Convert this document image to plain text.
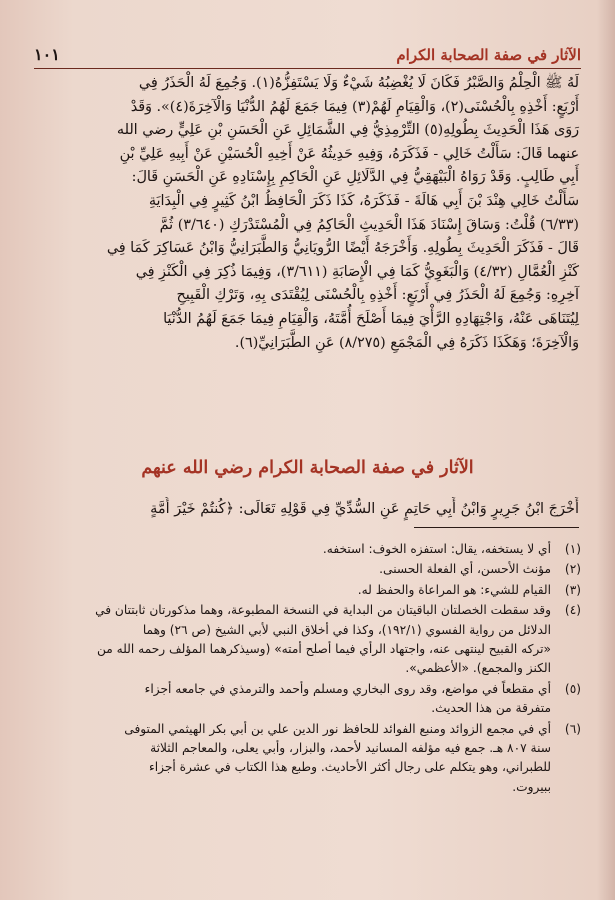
الآثار في صفة الصحابة الكرام
١٠١

لَهُ ﷺ الْحِلْمُ وَالصَّبْرُ فَكَانَ لَا يُغْضِبُهُ شَيْءٌ وَلَا يَسْتَفِزُّهُ(١). وَجُمِعَ لَهُ الْحَذَرُ فِي

أَرْبَعٍ: أَخْذِهِ بِالْحُسْنَى(٢)، وَالْقِيَامِ لَهُمْ(٣) فِيمَا جَمَعَ لَهُمُ الدُّنْيَا وَالْآخِرَةَ(٤)». وَقَدْ

رَوَى هَذَا الْحَدِيثَ بِطُولِهِ(٥) التِّرْمِذِيُّ فِي الشَّمَائِلِ عَنِ الْحَسَنِ بْنِ عَلِيٍّ رضي الله

عنهما قَالَ: سَأَلْتُ خَالِي - فَذَكَرَهُ، وَفِيهِ حَدِيثُهُ عَنْ أَخِيهِ الْحُسَيْنِ عَنْ أَبِيهِ عَلِيِّ بْنِ

أَبِي طَالِبٍ. وَقَدْ رَوَاهُ الْبَيْهَقِيُّ فِي الدَّلَائِلِ عَنِ الْحَاكِمِ بِإِسْنَادِهِ عَنِ الْحَسَنِ قَالَ:

سَأَلْتُ خَالِي هِنْدَ بْنَ أَبِي هَالَةَ - فَذَكَرَهُ، كَذَا ذَكَرَ الْحَافِظُ ابْنُ كَثِيرٍ فِي الْبِدَايَةِ

(٦/٣٣) قُلْتُ: وَسَاقَ إِسْنَادَ هَذَا الْحَدِيثِ الْحَاكِمُ فِي الْمُسْتَدْرَكِ (٣/٦٤٠) ثُمَّ

قَالَ - فَذَكَرَ الْحَدِيثَ بِطُولِهِ. وَأَخْرَجَهُ أَيْضًا الرُّويَانِيُّ وَالطَّبَرَانِيُّ وَابْنُ عَسَاكِرَ كَمَا فِي

كَنْزِ الْعُمَّالِ (٤/٣٢) وَالْبَغَوِيُّ كَمَا فِي الْإِصَابَةِ (٣/٦١١)، وَفِيمَا ذُكِرَ فِي الْكَنْزِ فِي

آخِرِهِ: وَجُمِعَ لَهُ الْحَذَرُ فِي أَرْبَعٍ: أَخْذِهِ بِالْحُسْنَى لِيُقْتَدَى بِهِ، وَتَرْكِ الْقَبِيحِ

لِيُتَنَاهَى عَنْهُ، وَاجْتِهَادِهِ الرَّأْيَ فِيمَا أَصْلَحَ أُمَّتَهُ، وَالْقِيَامِ فِيمَا جَمَعَ لَهُمُ الدُّنْيَا

وَالْآخِرَةَ؛ وَهَكَذَا ذَكَرَهُ فِي الْمَجْمَعِ (٨/٢٧٥) عَنِ الطَّبَرَانِيِّ(٦).

الآثار في صفة الصحابة الكرام رضي الله عنهم
أَخْرَجَ ابْنُ جَرِيرٍ وَابْنُ أَبِي حَاتِمٍ عَنِ السُّدِّيِّ فِي قَوْلِهِ تَعَالَى: ﴿كُنتُمْ خَيْرَ أُمَّةٍ
(١)
أي لا يستخفه، يقال: استفزه الخوف: استخفه.
(٢)
مؤنث الأحسن، أي الفعلة الحسنى.
(٣)
القيام للشيء: هو المراعاة والحفظ له.
(٤)
وقد سقطت الخصلتان الباقيتان من البداية في النسخة المطبوعة، وهما مذكورتان ثابتتان في
الدلائل من رواية الفسوي (١٩٢/١)، وكذا في أخلاق النبي لأبي الشيخ (ص ٢٦) وهما
«تركه القبيح لينتهى عنه، واجتهاد الرأي فيما أصلح أمته» (وسيذكرهما المؤلف رحمه الله من
الكنز والمجمع). «الأعظمي».
(٥)
أي مقطعاً في مواضع، وقد روى البخاري ومسلم وأحمد والترمذي في جامعه أجزاء
متفرقة من هذا الحديث.
(٦)
أي في مجمع الزوائد ومنبع الفوائد للحافظ نور الدين علي بن أبي بكر الهيثمي المتوفى
سنة ٨٠٧ هـ. جمع فيه مؤلفه المسانيد لأحمد، والبزار، وأبي يعلى، والمعاجم الثلاثة
للطبراني، وهو يتكلم على رجال أكثر الأحاديث. وطبع هذا الكتاب في عشرة أجزاء
ببيروت.
